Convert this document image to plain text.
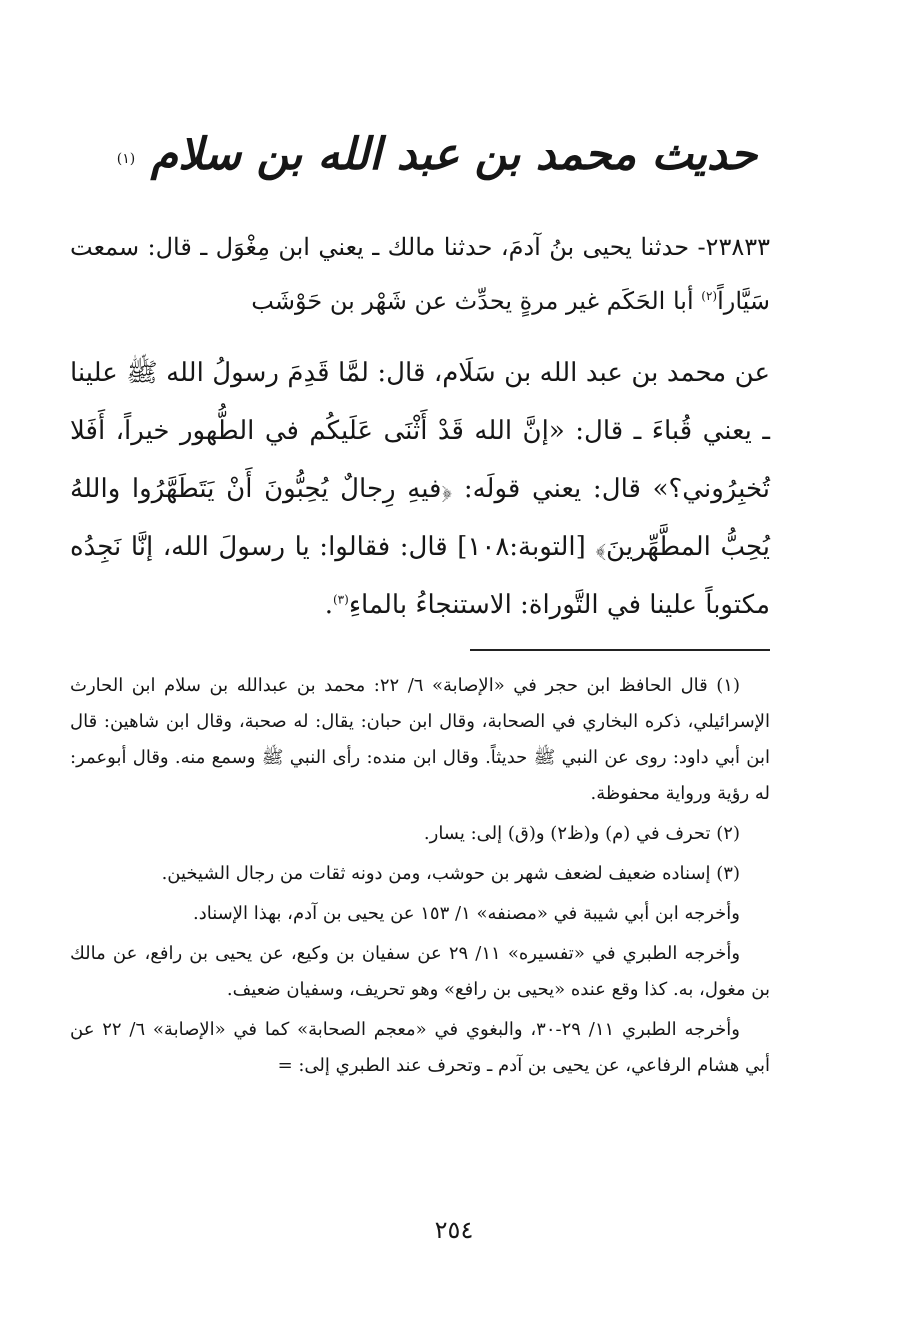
حديث محمد بن عبد الله بن سلام
(١)

٢٣٨٣٣- حدثنا يحيى بنُ آدمَ، حدثنا مالك ـ يعني ابن مِغْوَل ـ قال: سمعت سَيَّاراً$^{(٢)}$ أبا الحَكَم غير مرةٍ يحدِّث عن شَهْر بن حَوْشَب

عن محمد بن عبد الله بن سَلَام، قال: لمَّا قَدِمَ رسولُ الله ﷺ علينا ـ يعني قُباءَ ـ قال: «إنَّ الله قَدْ أَثْنَى عَلَيكُم في الطُّهور خيراً، أَفَلا تُخبِرُوني؟» قال: يعني قولَه: ﴿فيهِ رِجالٌ يُحِبُّونَ أَنْ يَتَطَهَّرُوا واللهُ يُحِبُّ المطَّهِّرينَ﴾ [التوبة:١٠٨] قال: فقالوا: يا رسولَ الله، إنَّا نَجِدُه مكتوباً علينا في التَّوراة: الاستنجاءُ بالماءِ$^{(٣)}$.

(١) قال الحافظ ابن حجر في «الإصابة» ٦/ ٢٢: محمد بن عبدالله بن سلام ابن الحارث الإسرائيلي، ذكره البخاري في الصحابة، وقال ابن حبان: يقال: له صحبة، وقال ابن شاهين: قال ابن أبي داود: روى عن النبي ﷺ حديثاً. وقال ابن منده: رأى النبي ﷺ وسمع منه. وقال أبوعمر: له رؤية ورواية محفوظة.

(٢) تحرف في (م) و(ظ٢) و(ق) إلى: يسار.

(٣) إسناده ضعيف لضعف شهر بن حوشب، ومن دونه ثقات من رجال الشيخين.

وأخرجه ابن أبي شيبة في «مصنفه» ١/ ١٥٣ عن يحيى بن آدم، بهذا الإسناد.

وأخرجه الطبري في «تفسيره» ١١/ ٢٩ عن سفيان بن وكيع، عن يحيى بن رافع، عن مالك بن مغول، به. كذا وقع عنده «يحيى بن رافع» وهو تحريف، وسفيان ضعيف.

وأخرجه الطبري ١١/ ٢٩-٣٠، والبغوي في «معجم الصحابة» كما في «الإصابة» ٦/ ٢٢ عن أبي هشام الرفاعي، عن يحيى بن آدم ـ وتحرف عند الطبري إلى: =

٢٥٤
